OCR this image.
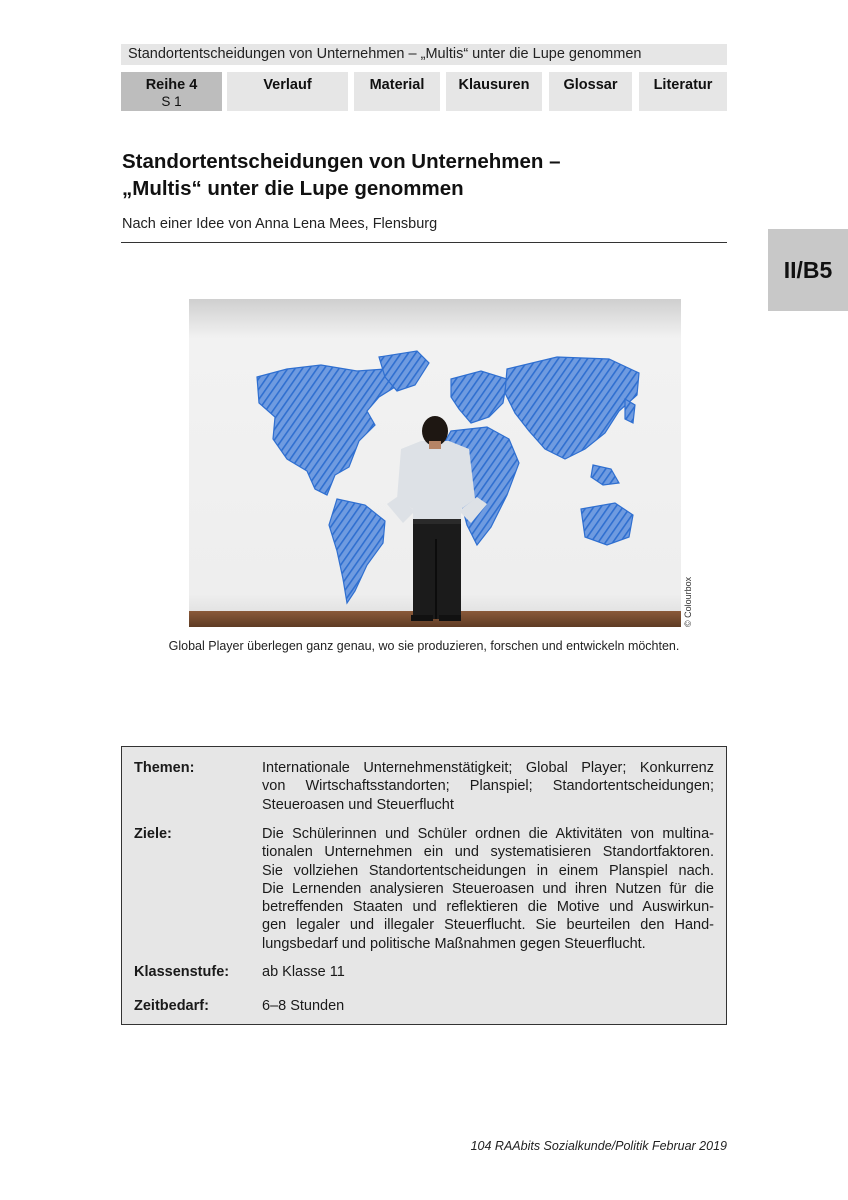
Standortentscheidungen von Unternehmen – „Multis“ unter die Lupe genommen
Reihe 4
S 1
Verlauf	Material	Klausuren	Glossar	Literatur
II/B5
Standortentscheidungen von Unternehmen –
„Multis“ unter die Lupe genommen
Nach einer Idee von Anna Lena Mees, Flensburg
© Colourbox
Global Player überlegen ganz genau, wo sie produzieren, forschen und entwickeln möchten.
Themen:	Internationale Unternehmenstätigkeit; Global Player; Konkurrenz
von Wirtschaftsstandorten; Planspiel; Standortentscheidungen;
Steueroasen und Steuerflucht
Ziele:	Die Schülerinnen und Schüler ordnen die Aktivitäten von multina-
tionalen Unternehmen ein und systematisieren Standortfaktoren.
Sie vollziehen Standortentscheidungen in einem Planspiel nach.
Die Lernenden analysieren Steueroasen und ihren Nutzen für die
betreffenden Staaten und reflektieren die Motive und Auswirkun-
gen legaler und illegaler Steuerflucht. Sie beurteilen den Hand-
lungsbedarf und politische Maßnahmen gegen Steuerflucht.
Klassenstufe:	ab Klasse 11
Zeitbedarf:	6–8 Stunden
104 RAAbits Sozialkunde/Politik Februar 2019
